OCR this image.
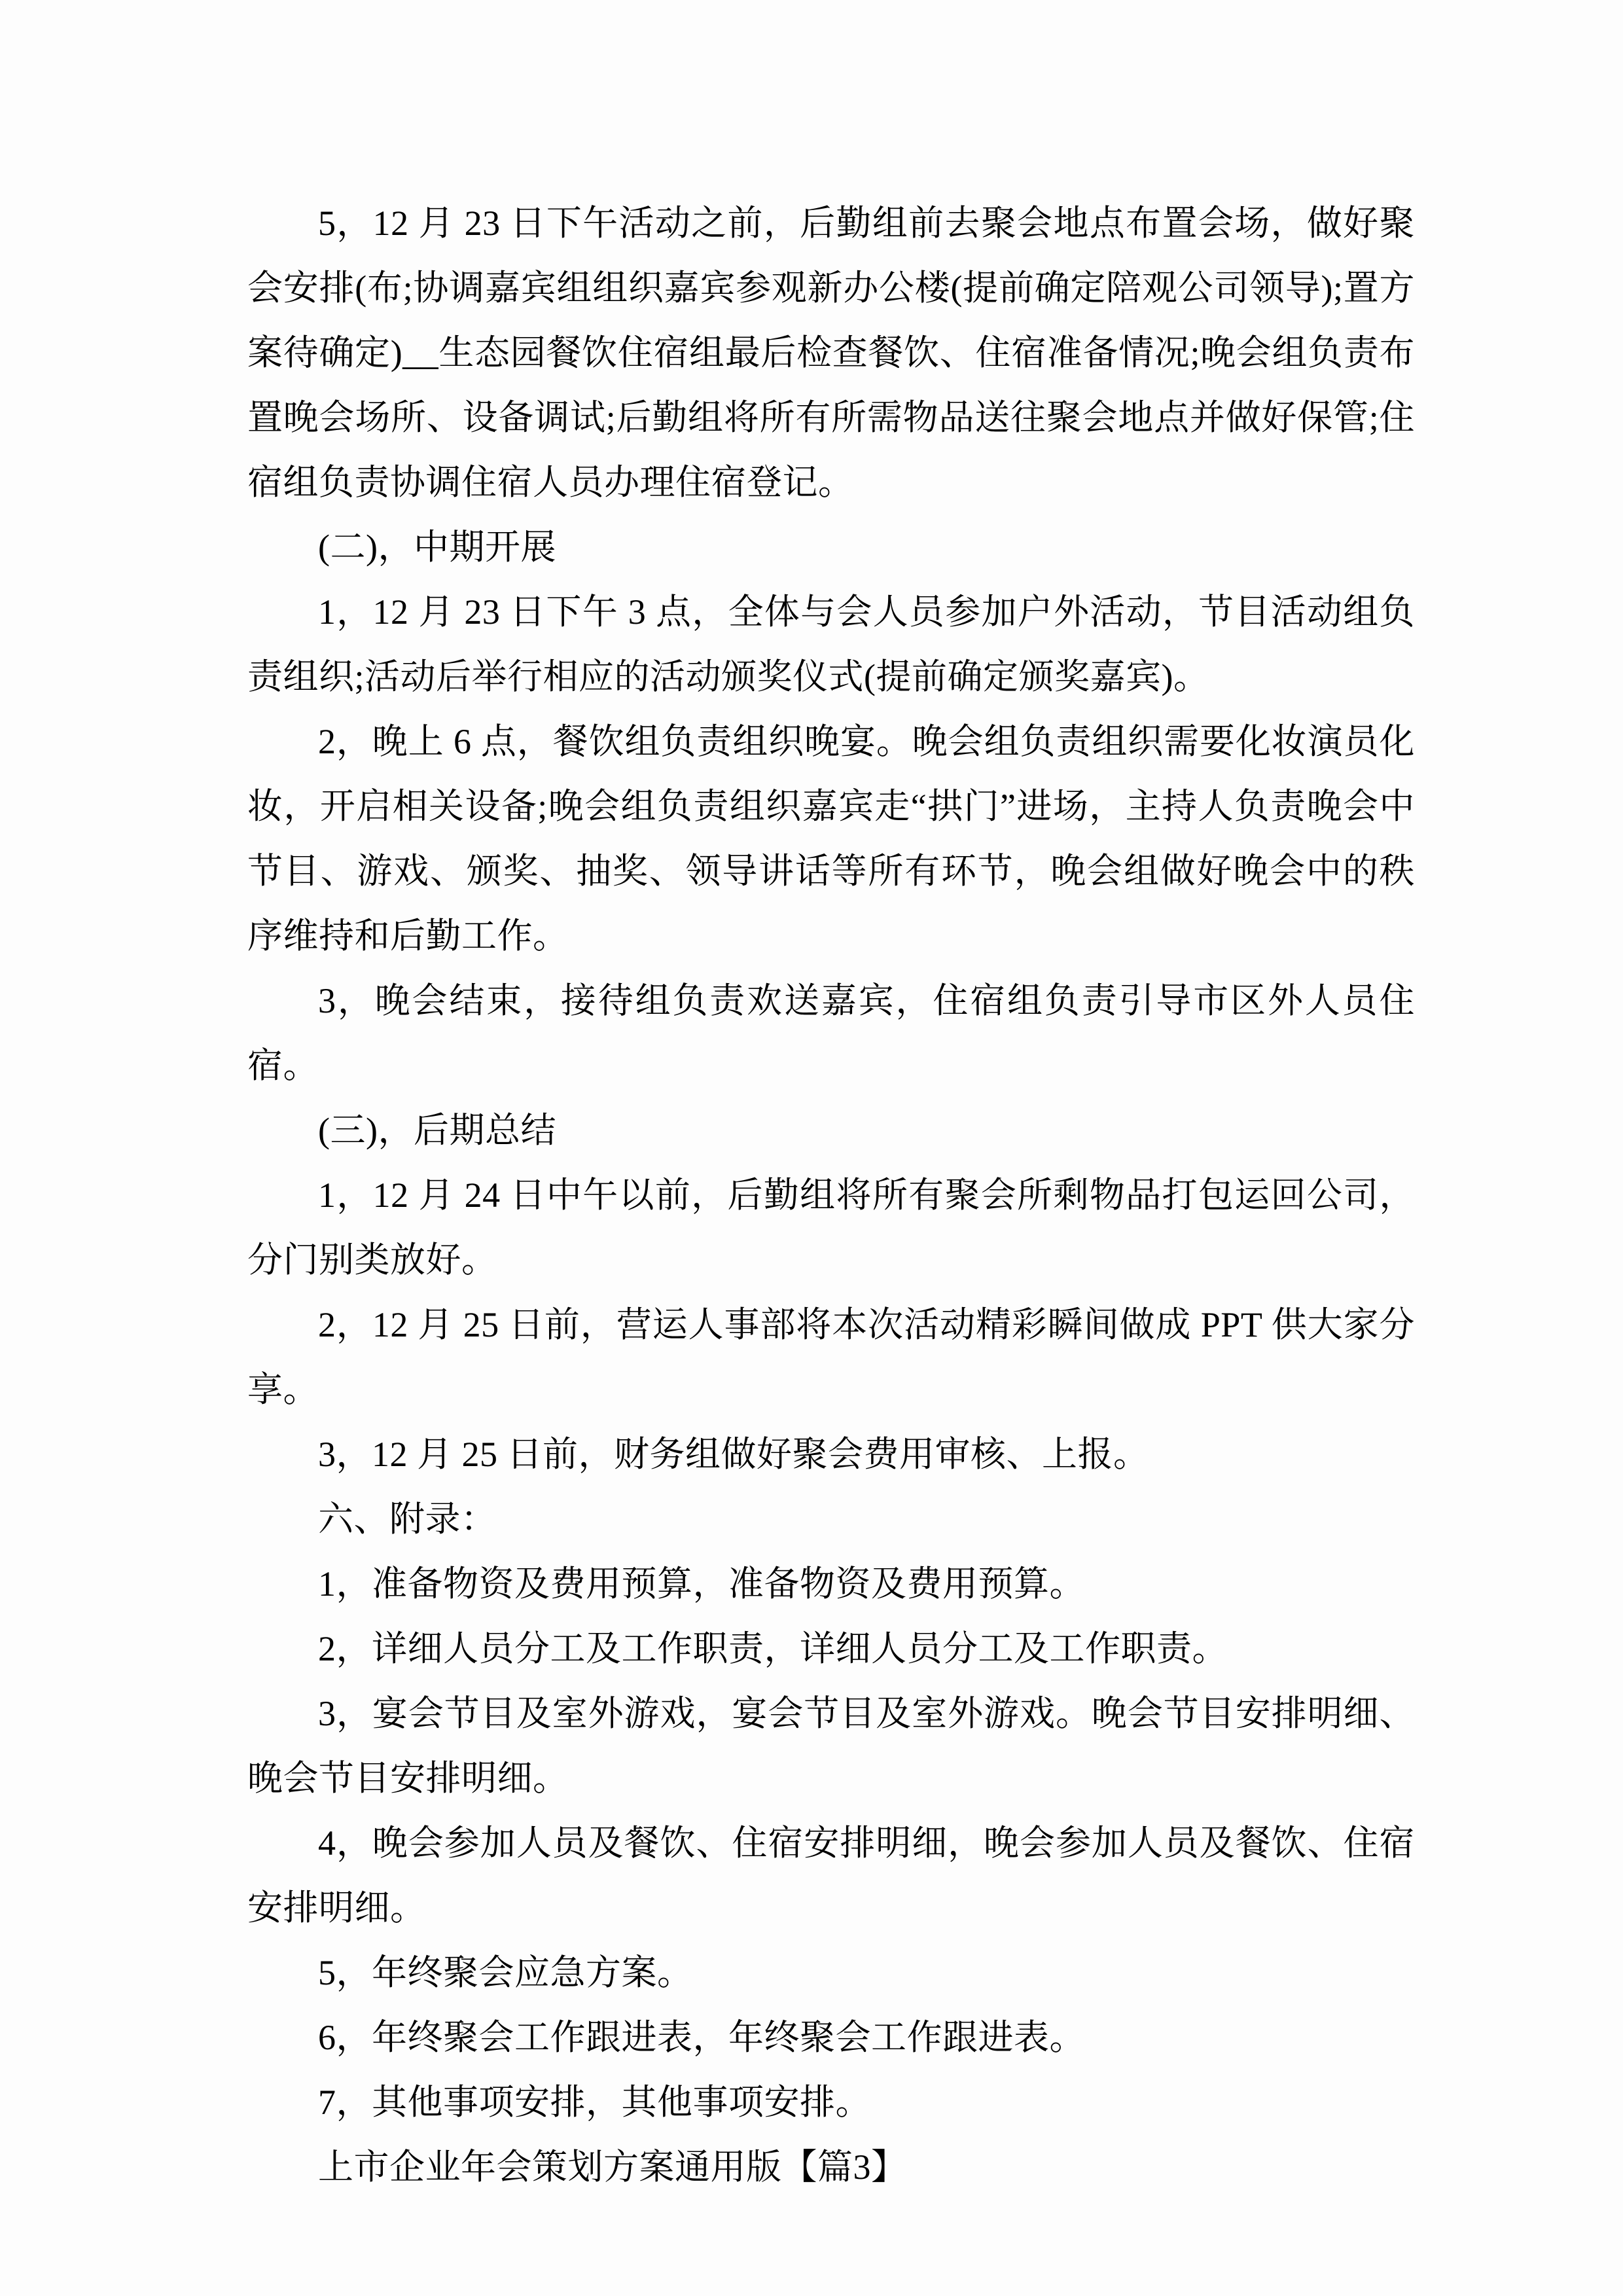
5，12 月 23 日下午活动之前，后勤组前去聚会地点布置会场，做好聚会安排(布;协调嘉宾组组织嘉宾参观新办公楼(提前确定陪观公司领导);置方案待确定)__生态园餐饮住宿组最后检查餐饮、住宿准备情况;晚会组负责布置晚会场所、设备调试;后勤组将所有所需物品送往聚会地点并做好保管;住宿组负责协调住宿人员办理住宿登记。

(二)，中期开展

1，12 月 23 日下午 3 点，全体与会人员参加户外活动，节目活动组负责组织;活动后举行相应的活动颁奖仪式(提前确定颁奖嘉宾)。

2，晚上 6 点，餐饮组负责组织晚宴。晚会组负责组织需要化妆演员化妆，开启相关设备;晚会组负责组织嘉宾走“拱门”进场，主持人负责晚会中节目、游戏、颁奖、抽奖、领导讲话等所有环节，晚会组做好晚会中的秩序维持和后勤工作。

3，晚会结束，接待组负责欢送嘉宾，住宿组负责引导市区外人员住宿。

(三)，后期总结

1，12 月 24 日中午以前，后勤组将所有聚会所剩物品打包运回公司，分门别类放好。

2，12 月 25 日前，营运人事部将本次活动精彩瞬间做成 PPT 供大家分享。

3，12 月 25 日前，财务组做好聚会费用审核、上报。

六、附录：

1，准备物资及费用预算，准备物资及费用预算。

2，详细人员分工及工作职责，详细人员分工及工作职责。

3，宴会节目及室外游戏，宴会节目及室外游戏。晚会节目安排明细、晚会节目安排明细。

4，晚会参加人员及餐饮、住宿安排明细，晚会参加人员及餐饮、住宿安排明细。

5，年终聚会应急方案。

6，年终聚会工作跟进表，年终聚会工作跟进表。

7，其他事项安排，其他事项安排。

上市企业年会策划方案通用版【篇3】
